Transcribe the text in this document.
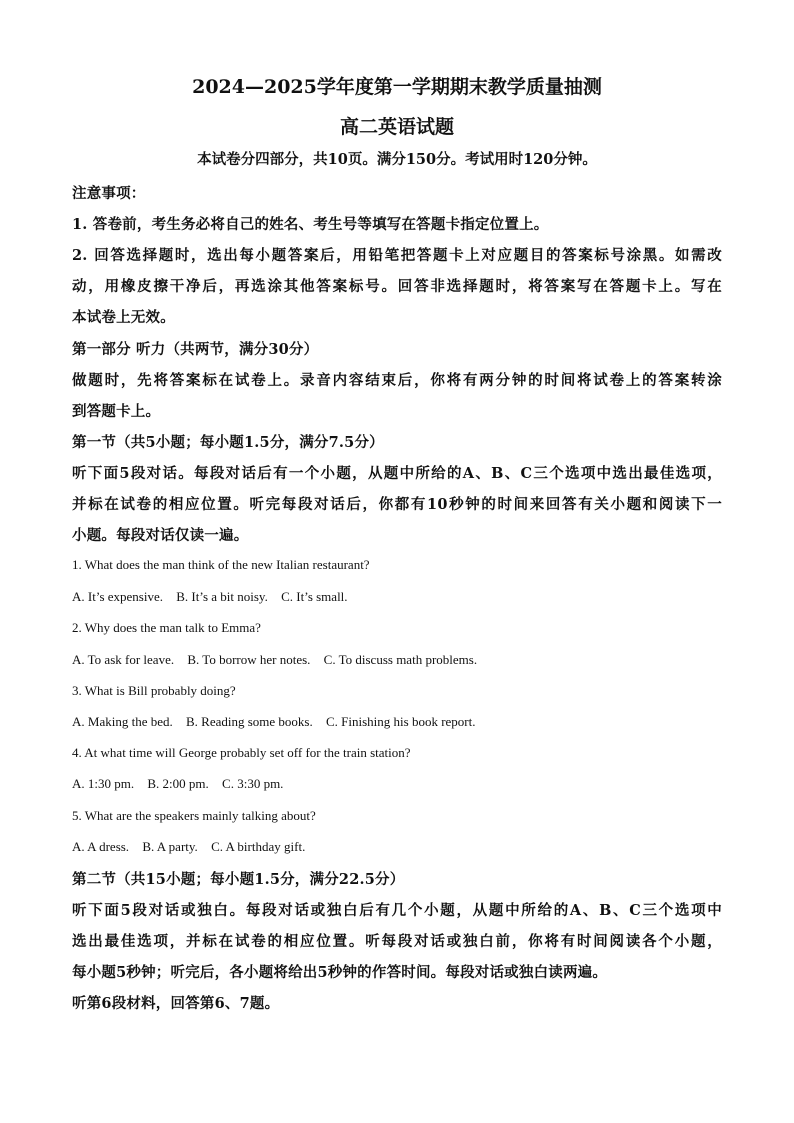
2024—2025学年度第一学期期末教学质量抽测
高二英语试题
本试卷分四部分，共10页。满分150分。考试用时120分钟。
注意事项：
1. 答卷前，考生务必将自己的姓名、考生号等填写在答题卡指定位置上。
2. 回答选择题时，选出每小题答案后，用铅笔把答题卡上对应题目的答案标号涂黑。如需改
动，用橡皮擦干净后，再选涂其他答案标号。回答非选择题时，将答案写在答题卡上。写在
本试卷上无效。
第一部分 听力（共两节，满分30分）
做题时，先将答案标在试卷上。录音内容结束后，你将有两分钟的时间将试卷上的答案转涂
到答题卡上。
第一节（共5小题；每小题1.5分，满分7.5分）
听下面5段对话。每段对话后有一个小题，从题中所给的A、B、C三个选项中选出最佳选项，
并标在试卷的相应位置。听完每段对话后，你都有10秒钟的时间来回答有关小题和阅读下一
小题。每段对话仅读一遍。
1. What does the man think of the new Italian restaurant?
A. It’s expensive. B. It’s a bit noisy. C. It’s small.
2. Why does the man talk to Emma?
A. To ask for leave. B. To borrow her notes. C. To discuss math problems.
3. What is Bill probably doing?
A. Making the bed. B. Reading some books. C. Finishing his book report.
4. At what time will George probably set off for the train station?
A. 1:30 pm. B. 2:00 pm. C. 3:30 pm.
5. What are the speakers mainly talking about?
A. A dress. B. A party. C. A birthday gift.
第二节（共15小题；每小题1.5分，满分22.5分）
听下面5段对话或独白。每段对话或独白后有几个小题，从题中所给的A、B、C三个选项中
选出最佳选项，并标在试卷的相应位置。听每段对话或独白前，你将有时间阅读各个小题，
每小题5秒钟；听完后，各小题将给出5秒钟的作答时间。每段对话或独白读两遍。
听第6段材料，回答第6、7题。
